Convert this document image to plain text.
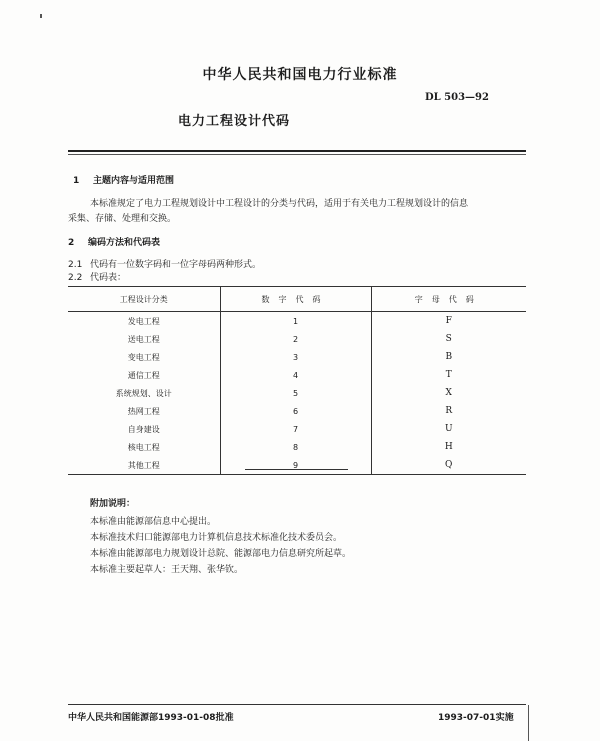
中华人民共和国电力行业标准
DL 503—92
电力工程设计代码
1 主题内容与适用范围
本标准规定了电力工程规划设计中工程设计的分类与代码，适用于有关电力工程规划设计的信息
采集、存储、处理和交换。
2 编码方法和代码表
2.1 代码有一位数字码和一位字母码两种形式。
2.2 代码表：
工程设计分类	数字代码	字母代码
发电工程	1	F
送电工程	2	S
变电工程	3	B
通信工程	4	T
系统规划、设计	5	X
热网工程	6	R
自身建设	7	U
核电工程	8	H
其他工程	9	Q
附加说明：
本标准由能源部信息中心提出。
本标准技术归口能源部电力计算机信息技术标准化技术委员会。
本标准由能源部电力规划设计总院、能源部电力信息研究所起草。
本标准主要起草人：王天翔、张华钦。
中华人民共和国能源部1993-01-08批准	1993-07-01实施
